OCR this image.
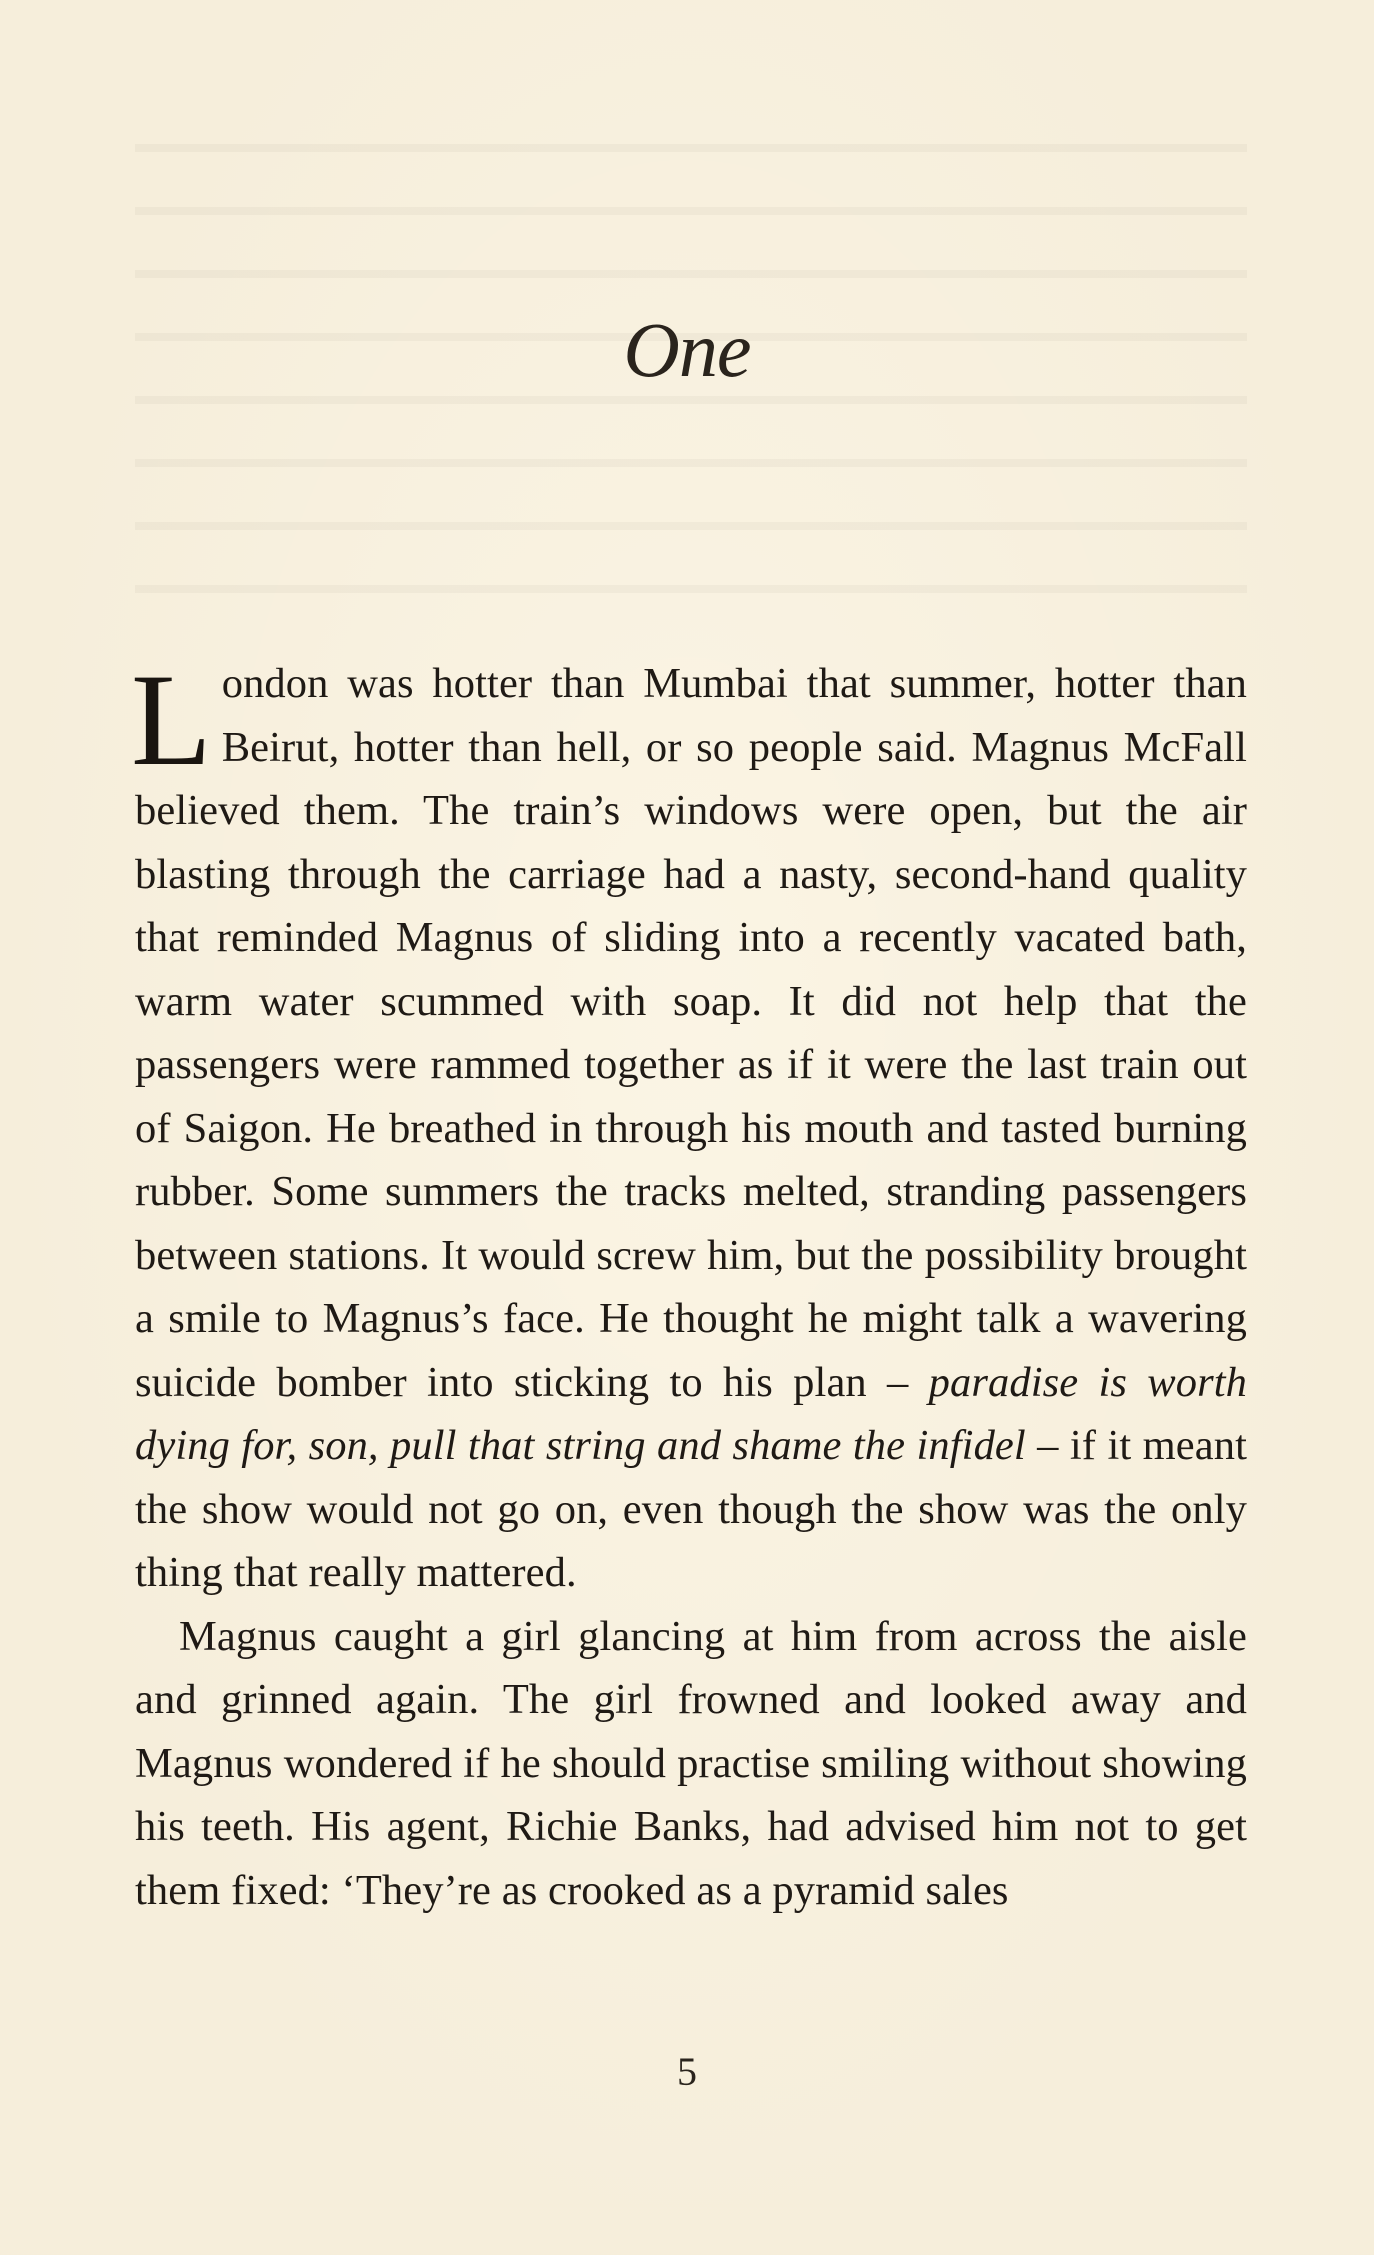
One

London was hotter than Mumbai that summer, hotter than Beirut, hotter than hell, or so people said. Magnus McFall believed them. The train’s windows were open, but the air blasting through the carriage had a nasty, second-hand quality that reminded Magnus of sliding into a recently vacated bath, warm water scummed with soap. It did not help that the passengers were rammed together as if it were the last train out of Saigon. He breathed in through his mouth and tasted burning rubber. Some summers the tracks melted, stranding passengers between stations. It would screw him, but the possibility brought a smile to Magnus’s face. He thought he might talk a wavering suicide bomber into sticking to his plan – paradise is worth dying for, son, pull that string and shame the infidel – if it meant the show would not go on, even though the show was the only thing that really mattered.

Magnus caught a girl glancing at him from across the aisle and grinned again. The girl frowned and looked away and Magnus wondered if he should practise smiling without showing his teeth. His agent, Richie Banks, had advised him not to get them fixed: ‘They’re as crooked as a pyramid sales

5
